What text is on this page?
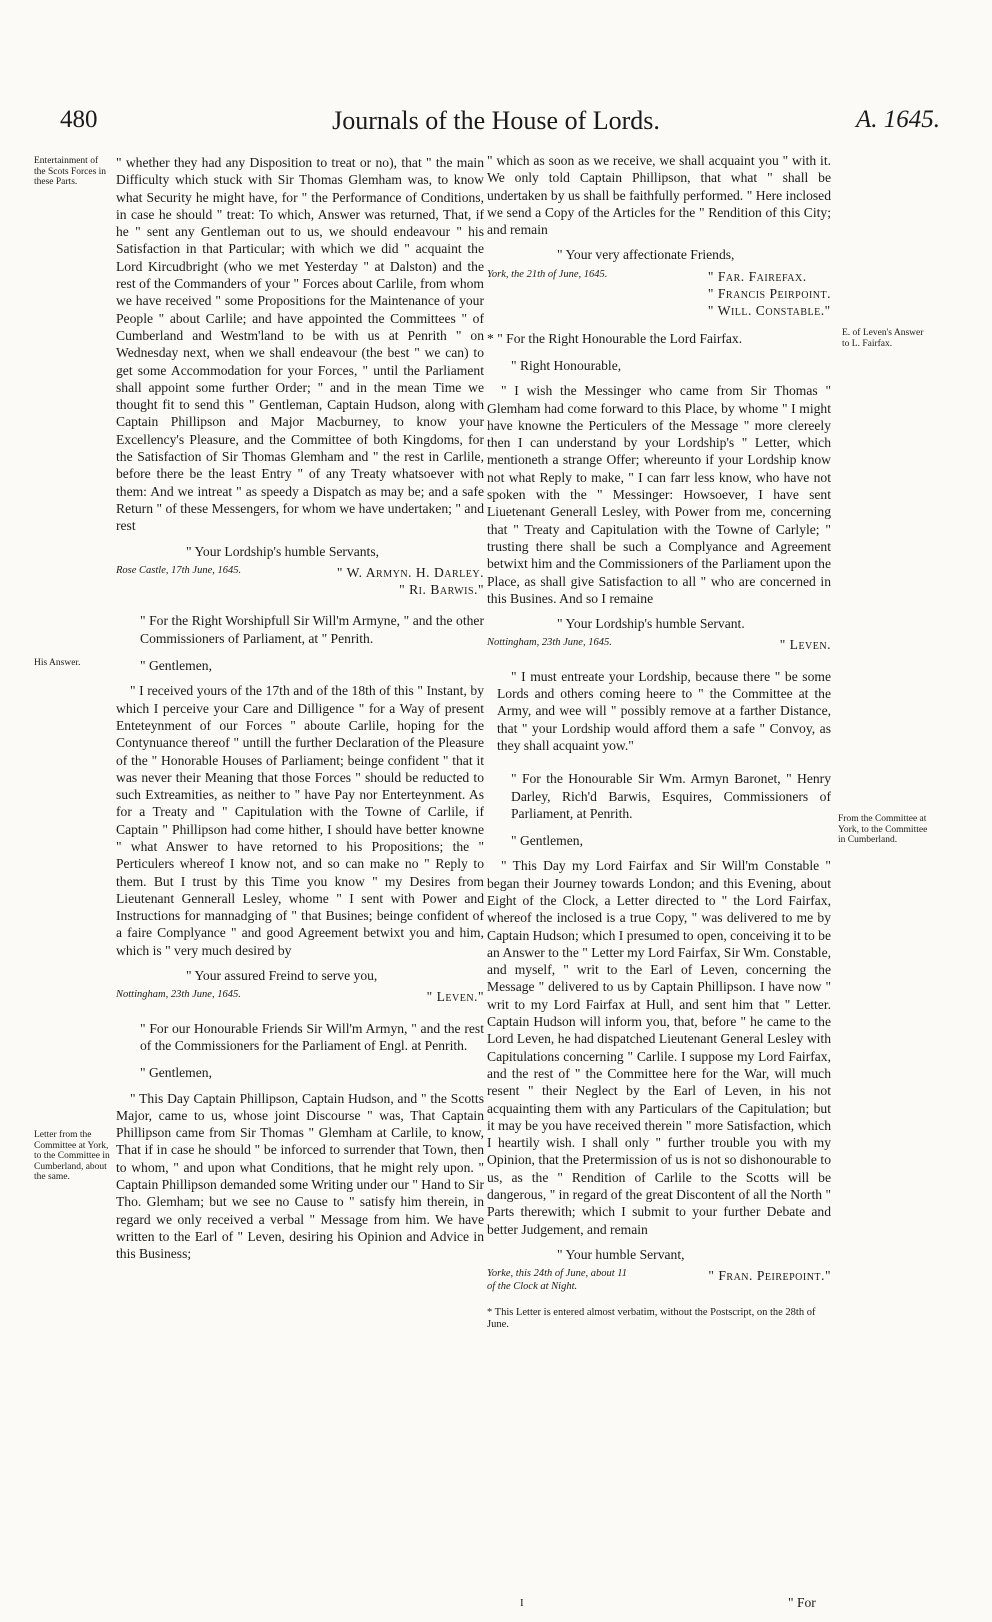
480	Journals of the House of Lords.	A. 1645.
Entertainment of the Scots Forces in these Parts.
His Answer.
Letter from the Committee at York, to the Committee in Cumberland, about the same.
E. of Leven's Answer to L. Fairfax.
From the Committee at York, to the Committee in Cumberland.

" whether they had any Disposition to treat or no), that " the main Difficulty which stuck with Sir Thomas Glemham was, to know what Security he might have, for " the Performance of Conditions, in case he should " treat: To which, Answer was returned, That, if he " sent any Gentleman out to us, we should endeavour " his Satisfaction in that Particular; with which we did " acquaint the Lord Kircudbright (who we met Yesterday " at Dalston) and the rest of the Commanders of your " Forces about Carlile, from whom we have received " some Propositions for the Maintenance of your People " about Carlile; and have appointed the Committees " of Cumberland and Westm'land to be with us at Penrith " on Wednesday next, when we shall endeavour (the best " we can) to get some Accommodation for your Forces, " until the Parliament shall appoint some further Order; " and in the mean Time we thought fit to send this " Gentleman, Captain Hudson, along with Captain Phillipson and Major Macburney, to know your Excellency's Pleasure, and the Committee of both Kingdoms, for the Satisfaction of Sir Thomas Glemham and " the rest in Carlile, before there be the least Entry " of any Treaty whatsoever with them: And we intreat " as speedy a Dispatch as may be; and a safe Return " of these Messengers, for whom we have undertaken; " and rest

" Your Lordship's humble Servants,
Rose Castle, 17th June, 1645.	" W. Armyn. H. Darley.
" Ri. Barwis."
" For the Right Worshipfull Sir Will'm Armyne, " and the other Commissioners of Parliament, at " Penrith.
" Gentlemen,

" I received yours of the 17th and of the 18th of this " Instant, by which I perceive your Care and Dilligence " for a Way of present Enteteynment of our Forces " aboute Carlile, hoping for the Contynuance thereof " untill the further Declaration of the Pleasure of the " Honorable Houses of Parliament; beinge confident " that it was never their Meaning that those Forces " should be reducted to such Extreamities, as neither to " have Pay nor Enterteynment. As for a Treaty and " Capitulation with the Towne of Carlile, if Captain " Phillipson had come hither, I should have better knowne " what Answer to have retorned to his Propositions; the " Perticulers whereof I know not, and so can make no " Reply to them. But I trust by this Time you know " my Desires from Lieutenant Gennerall Lesley, whome " I sent with Power and Instructions for mannadging of " that Busines; beinge confident of a faire Complyance " and good Agreement betwixt you and him, which is " very much desired by

" Your assured Freind to serve you,
Nottingham, 23th June, 1645.	" Leven."
" For our Honourable Friends Sir Will'm Armyn, " and the rest of the Commissioners for the Parliament of Engl. at Penrith.
" Gentlemen,

" This Day Captain Phillipson, Captain Hudson, and " the Scotts Major, came to us, whose joint Discourse " was, That Captain Phillipson came from Sir Thomas " Glemham at Carlile, to know, That if in case he should " be inforced to surrender that Town, then to whom, " and upon what Conditions, that he might rely upon. " Captain Phillipson demanded some Writing under our " Hand to Sir Tho. Glemham; but we see no Cause to " satisfy him therein, in regard we only received a verbal " Message from him. We have written to the Earl of " Leven, desiring his Opinion and Advice in this Business;

" which as soon as we receive, we shall acquaint you " with it. We only told Captain Phillipson, that what " shall be undertaken by us shall be faithfully performed. " Here inclosed we send a Copy of the Articles for the " Rendition of this City; and remain

" Your very affectionate Friends,
York, the 21th of June, 1645.	" Far. Fairefax.
" Francis Peirpoint.
" Will. Constable."
* " For the Right Honourable the Lord Fairfax.
" Right Honourable,

" I wish the Messinger who came from Sir Thomas " Glemham had come forward to this Place, by whome " I might have knowne the Perticulers of the Message " more clereely then I can understand by your Lordship's " Letter, which mentioneth a strange Offer; whereunto if your Lordship know not what Reply to make, " I can farr less know, who have not spoken with the " Messinger: Howsoever, I have sent Liuetenant Generall Lesley, with Power from me, concerning that " Treaty and Capitulation with the Towne of Carlyle; " trusting there shall be such a Complyance and Agreement betwixt him and the Commissioners of the Parliament upon the Place, as shall give Satisfaction to all " who are concerned in this Busines. And so I remaine

" Your Lordship's humble Servant.
Nottingham, 23th June, 1645.	" Leven.

" I must entreate your Lordship, because there " be some Lords and others coming heere to " the Committee at the Army, and wee will " possibly remove at a farther Distance, that " your Lordship would afford them a safe " Convoy, as they shall acquaint yow."

" For the Honourable Sir Wm. Armyn Baronet, " Henry Darley, Rich'd Barwis, Esquires, Commissioners of Parliament, at Penrith.
" Gentlemen,

" This Day my Lord Fairfax and Sir Will'm Constable " began their Journey towards London; and this Evening, about Eight of the Clock, a Letter directed to " the Lord Fairfax, whereof the inclosed is a true Copy, " was delivered to me by Captain Hudson; which I presumed to open, conceiving it to be an Answer to the " Letter my Lord Fairfax, Sir Wm. Constable, and myself, " writ to the Earl of Leven, concerning the Message " delivered to us by Captain Phillipson. I have now " writ to my Lord Fairfax at Hull, and sent him that " Letter. Captain Hudson will inform you, that, before " he came to the Lord Leven, he had dispatched Lieutenant General Lesley with Capitulations concerning " Carlile. I suppose my Lord Fairfax, and the rest of " the Committee here for the War, will much resent " their Neglect by the Earl of Leven, in his not acquainting them with any Particulars of the Capitulation; but it may be you have received therein " more Satisfaction, which I heartily wish. I shall only " further trouble you with my Opinion, that the Pretermission of us is not so dishonourable to us, as the " Rendition of Carlile to the Scotts will be dangerous, " in regard of the great Discontent of all the North " Parts therewith; which I submit to your further Debate and better Judgement, and remain

" Your humble Servant,
Yorke, this 24th of June, about 11 of the Clock at Night.
" Fran. Peirepoint."
* This Letter is entered almost verbatim, without the Postscript, on the 28th of June.
I	" For
